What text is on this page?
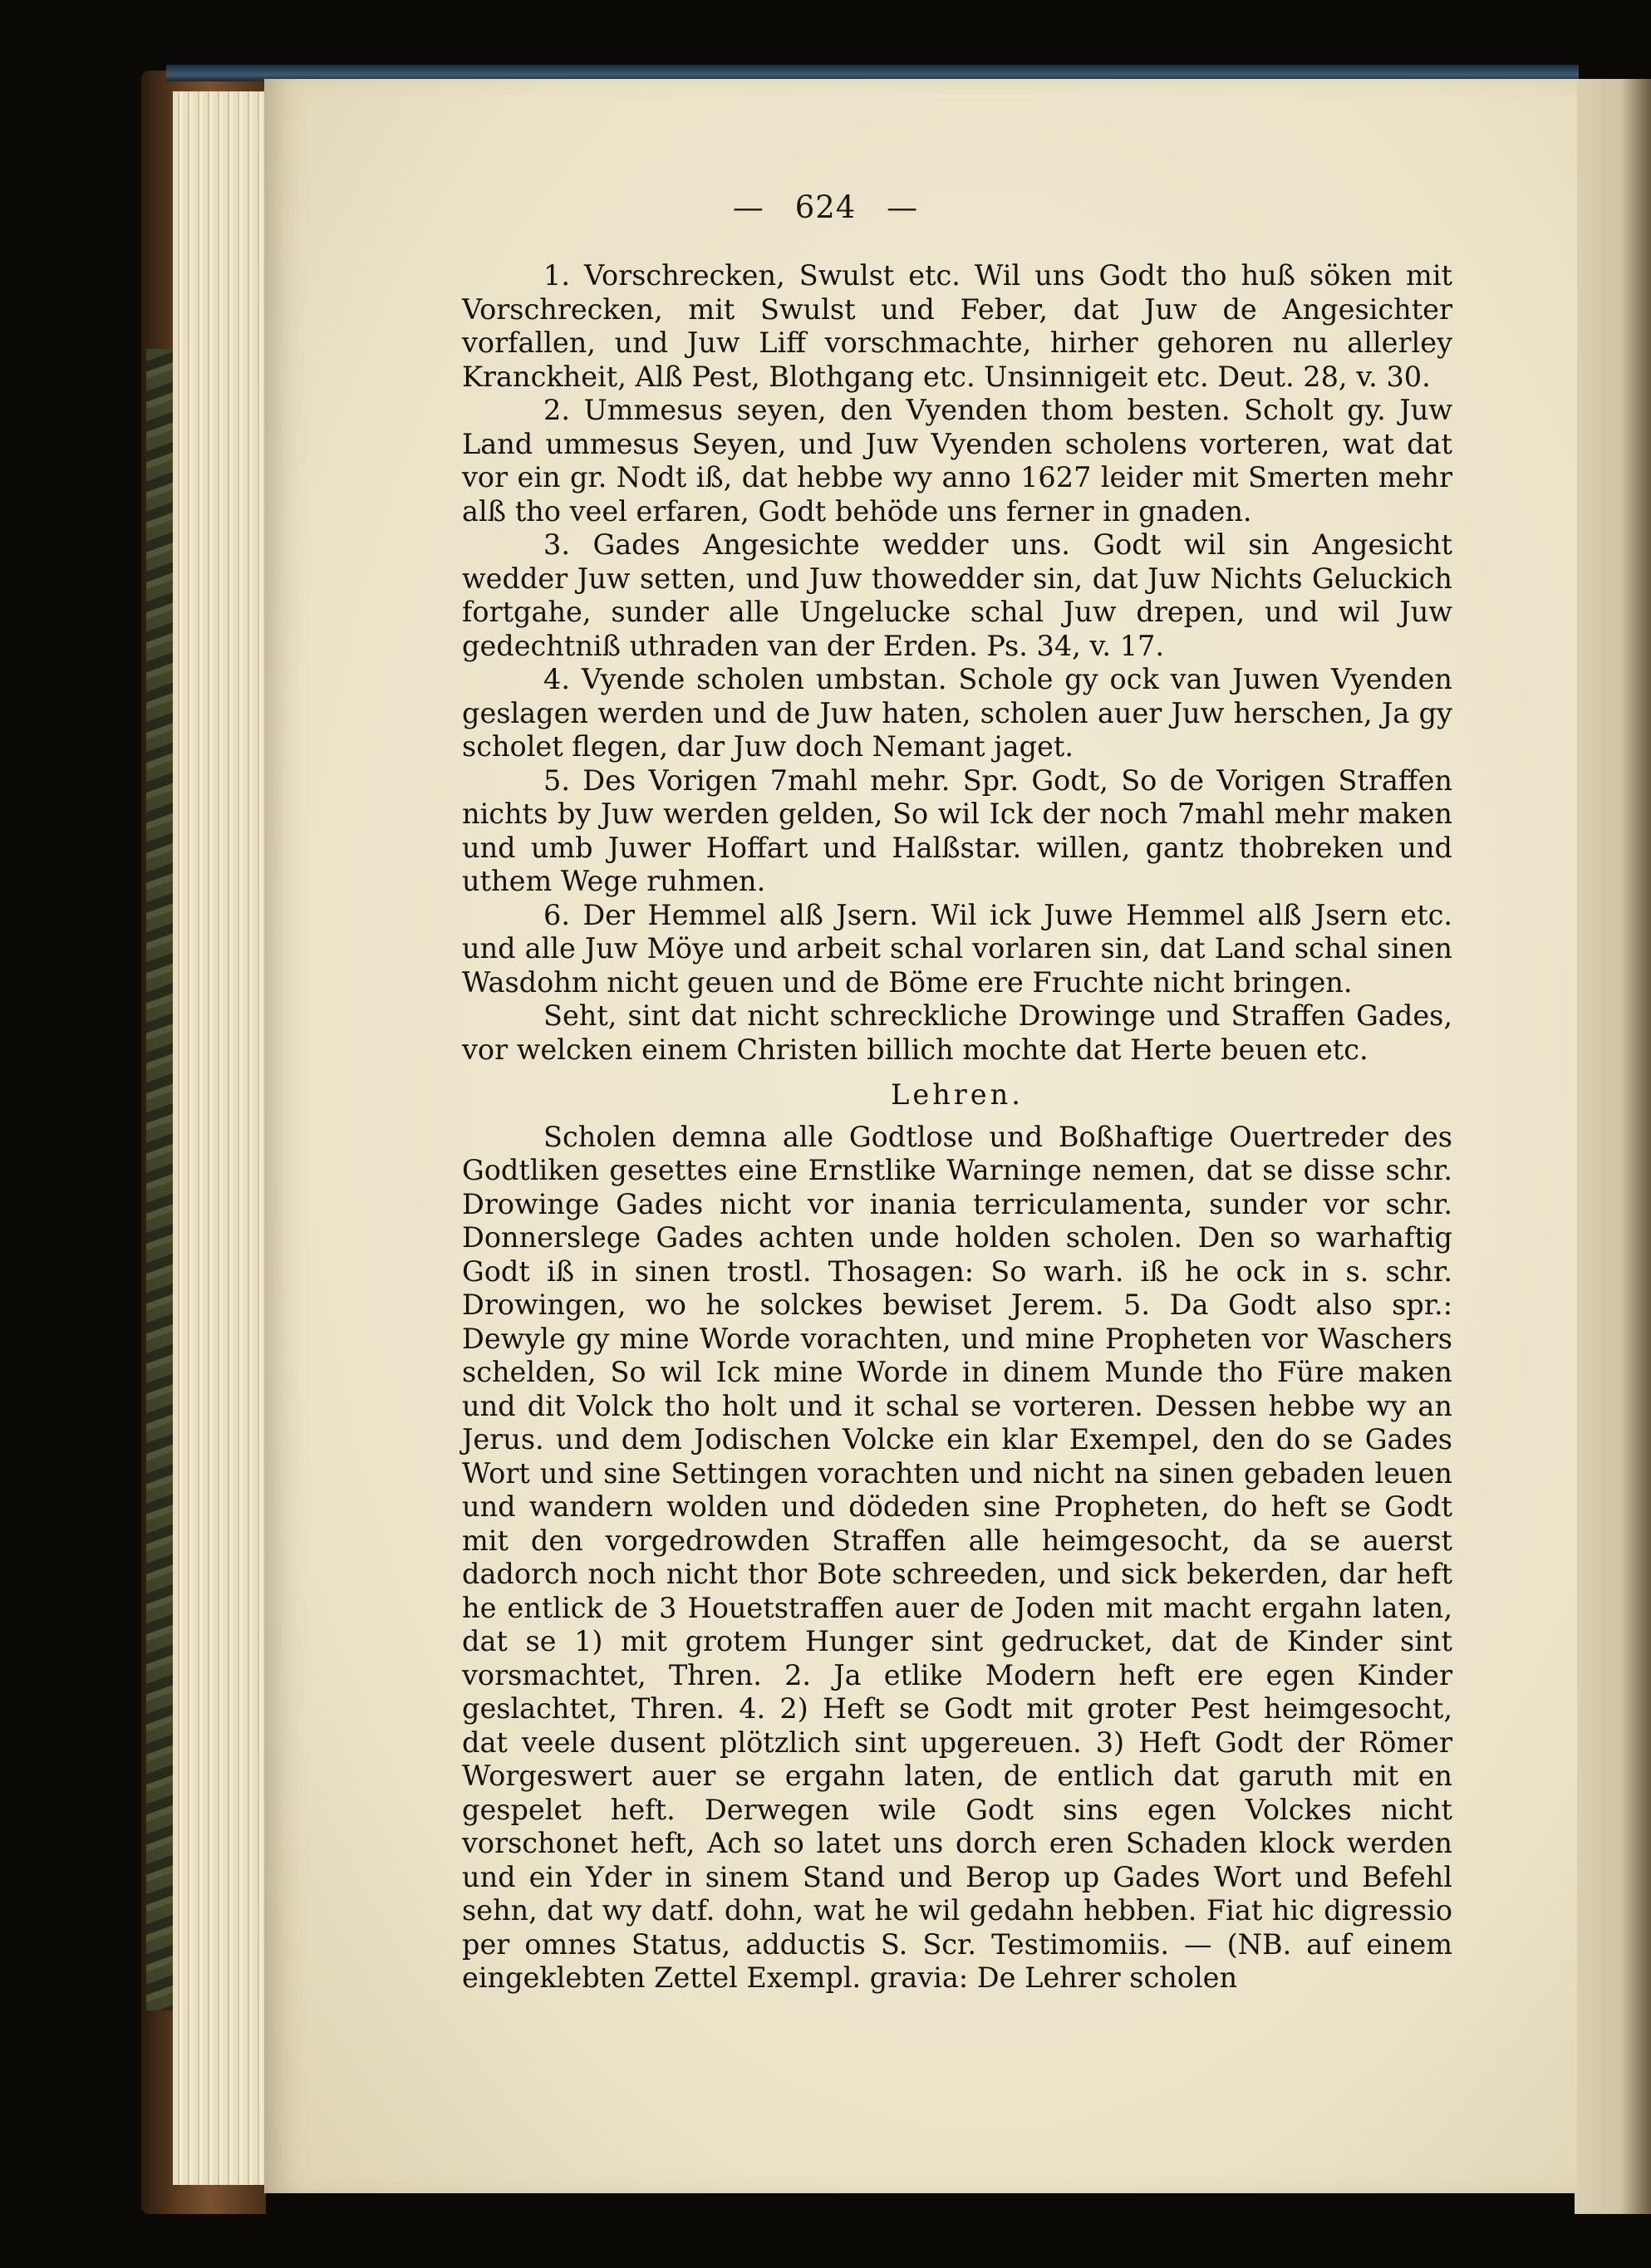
— 624 —

1. Vorschrecken, Swulst etc. Wil uns Godt tho huß söken mit Vorschrecken, mit Swulst und Feber, dat Juw de Angesichter vorfallen, und Juw Liff vorschmachte, hirher gehoren nu allerley Kranckheit, Alß Pest, Blothgang etc. Unsinnigeit etc. Deut. 28, v. 30.

2. Ummesus seyen, den Vyenden thom besten. Scholt gy. Juw Land ummesus Seyen, und Juw Vyenden scholens vorteren, wat dat vor ein gr. Nodt iß, dat hebbe wy anno 1627 leider mit Smerten mehr alß tho veel erfaren, Godt behöde uns ferner in gnaden.

3. Gades Angesichte wedder uns. Godt wil sin Angesicht wedder Juw setten, und Juw thowedder sin, dat Juw Nichts Geluckich fortgahe, sunder alle Ungelucke schal Juw drepen, und wil Juw gedechtniß uthraden van der Erden. Ps. 34, v. 17.

4. Vyende scholen umbstan. Schole gy ock van Juwen Vyenden geslagen werden und de Juw haten, scholen auer Juw herschen, Ja gy scholet flegen, dar Juw doch Nemant jaget.

5. Des Vorigen 7mahl mehr. Spr. Godt, So de Vorigen Straffen nichts by Juw werden gelden, So wil Ick der noch 7mahl mehr maken und umb Juwer Hoffart und Halßstar. willen, gantz thobreken und uthem Wege ruhmen.

6. Der Hemmel alß Jsern. Wil ick Juwe Hemmel alß Jsern etc. und alle Juw Möye und arbeit schal vorlaren sin, dat Land schal sinen Wasdohm nicht geuen und de Böme ere Fruchte nicht bringen.

Seht, sint dat nicht schreckliche Drowinge und Straffen Gades, vor welcken einem Christen billich mochte dat Herte beuen etc.

Lehren.

Scholen demna alle Godtlose und Boßhaftige Ouertreder des Godtliken gesettes eine Ernstlike Warninge nemen, dat se disse schr. Drowinge Gades nicht vor inania terriculamenta, sunder vor schr. Donnerslege Gades achten unde holden scholen. Den so warhaftig Godt iß in sinen trostl. Thosagen: So warh. iß he ock in s. schr. Drowingen, wo he solckes bewiset Jerem. 5. Da Godt also spr.: Dewyle gy mine Worde vorachten, und mine Propheten vor Waschers schelden, So wil Ick mine Worde in dinem Munde tho Füre maken und dit Volck tho holt und it schal se vorteren. Dessen hebbe wy an Jerus. und dem Jodischen Volcke ein klar Exempel, den do se Gades Wort und sine Settingen vorachten und nicht na sinen gebaden leuen und wandern wolden und dödeden sine Propheten, do heft se Godt mit den vorgedrowden Straffen alle heimgesocht, da se auerst dadorch noch nicht thor Bote schreeden, und sick bekerden, dar heft he entlick de 3 Houetstraffen auer de Joden mit macht ergahn laten, dat se 1) mit grotem Hunger sint gedrucket, dat de Kinder sint vorsmachtet, Thren. 2. Ja etlike Modern heft ere egen Kinder geslachtet, Thren. 4. 2) Heft se Godt mit groter Pest heimgesocht, dat veele dusent plötzlich sint upgereuen. 3) Heft Godt der Römer Worgeswert auer se ergahn laten, de entlich dat garuth mit en gespelet heft. Derwegen wile Godt sins egen Volckes nicht vorschonet heft, Ach so latet uns dorch eren Schaden klock werden und ein Yder in sinem Stand und Berop up Gades Wort und Befehl sehn, dat wy datf. dohn, wat he wil gedahn hebben. Fiat hic digressio per omnes Status, adductis S. Scr. Testimomiis. — (NB. auf einem eingeklebten Zettel Exempl. gravia: De Lehrer scholen
